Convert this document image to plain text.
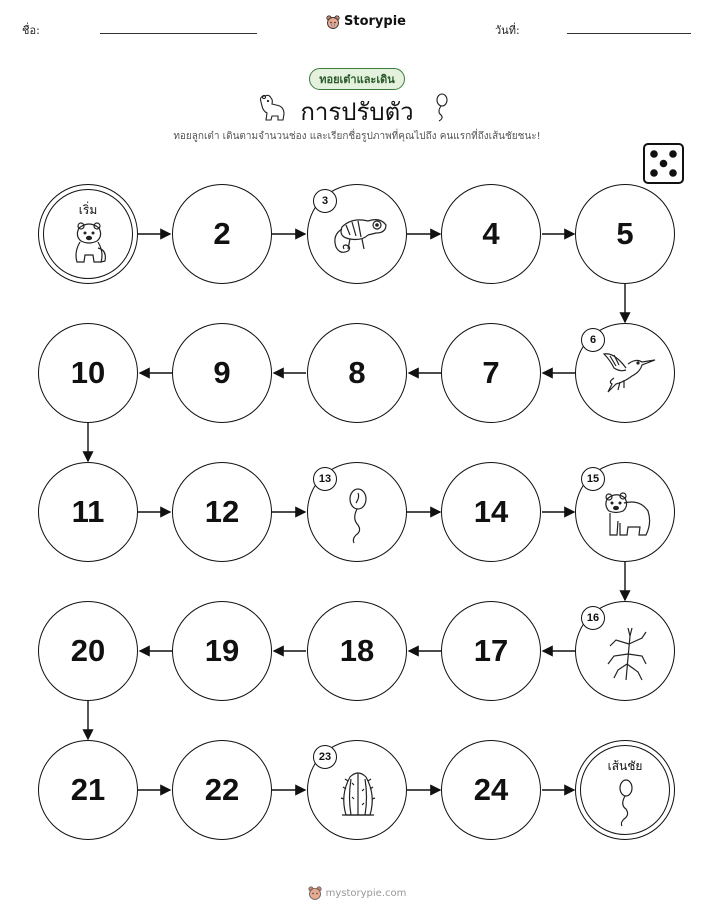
ชื่อ:
Storypie
วันที่:
ทอยเต๋าและเดิน
การปรับตัว
ทอยลูกเต๋า เดินตามจำนวนช่อง และเรียกชื่อรูปภาพที่คุณไปถึง คนแรกที่ถึงเส้นชัยชนะ!
เริ่ม
2
3
4	5
10	9	8	7
6
11	12
13
14
15
20	19	18	17
16
21	22
23
24
เส้นชัย
mystorypie.com
